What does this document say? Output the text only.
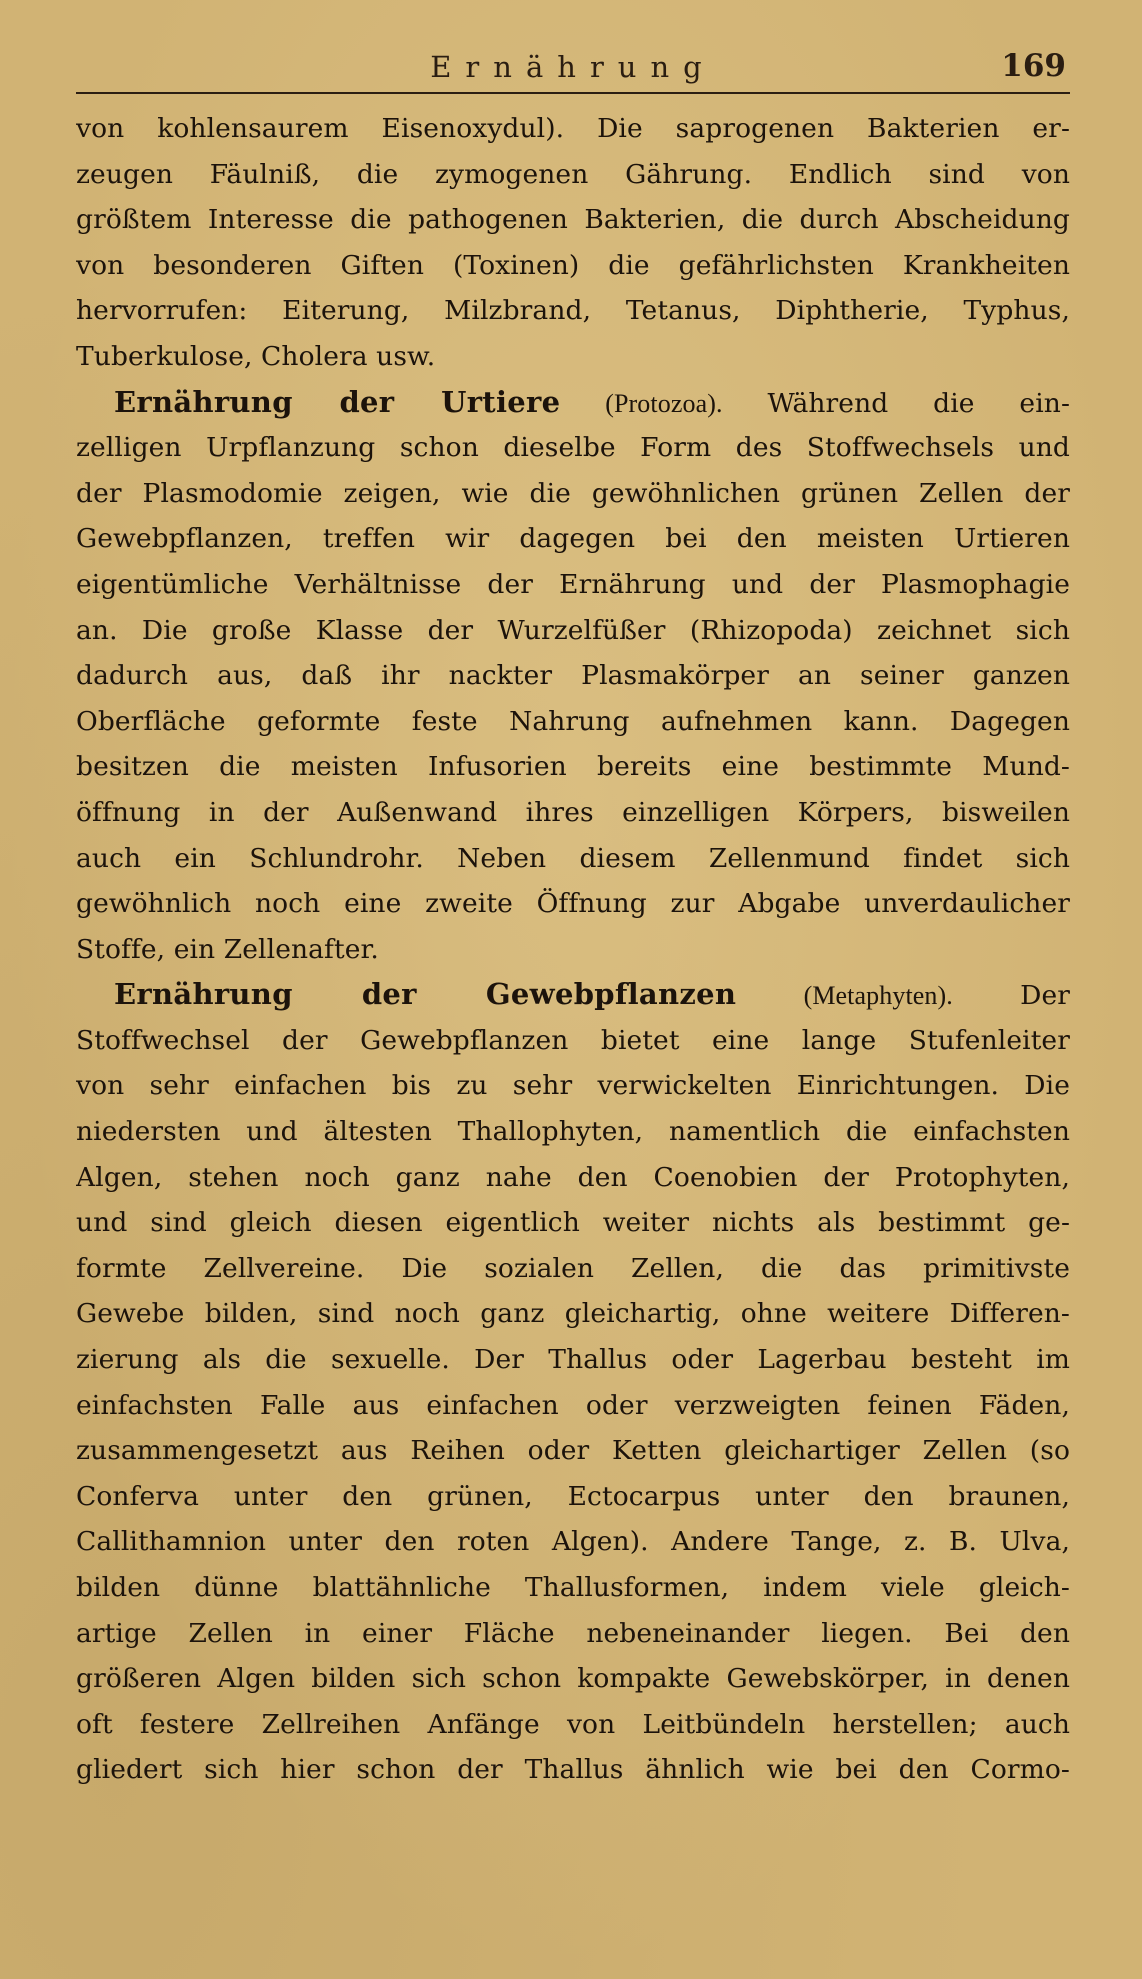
Ernährung	169
von kohlensaurem Eisenoxydul). Die saprogenen Bakterien er-
zeugen Fäulniß, die zymogenen Gährung. Endlich sind von
größtem Interesse die pathogenen Bakterien, die durch Abscheidung
von besonderen Giften (Toxinen) die gefährlichsten Krankheiten
hervorrufen: Eiterung, Milzbrand, Tetanus, Diphtherie, Typhus,
Tuberkulose, Cholera usw.
Ernährung der Urtiere (Protozoa). Während die ein-
zelligen Urpflanzung schon dieselbe Form des Stoffwechsels und
der Plasmodomie zeigen, wie die gewöhnlichen grünen Zellen der
Gewebpflanzen, treffen wir dagegen bei den meisten Urtieren
eigentümliche Verhältnisse der Ernährung und der Plasmophagie
an. Die große Klasse der Wurzelfüßer (Rhizopoda) zeichnet sich
dadurch aus, daß ihr nackter Plasmakörper an seiner ganzen
Oberfläche geformte feste Nahrung aufnehmen kann. Dagegen
besitzen die meisten Infusorien bereits eine bestimmte Mund-
öffnung in der Außenwand ihres einzelligen Körpers, bisweilen
auch ein Schlundrohr. Neben diesem Zellenmund findet sich
gewöhnlich noch eine zweite Öffnung zur Abgabe unverdaulicher
Stoffe, ein Zellenafter.
Ernährung der Gewebpflanzen	(Metaphyten).	Der
Stoffwechsel der Gewebpflanzen bietet eine lange Stufenleiter
von sehr einfachen bis zu sehr verwickelten Einrichtungen. Die
niedersten und ältesten Thallophyten, namentlich die einfachsten
Algen, stehen noch ganz nahe den Coenobien der Protophyten,
und sind gleich diesen eigentlich weiter nichts als bestimmt ge-
formte Zellvereine. Die sozialen Zellen, die das primitivste
Gewebe bilden, sind noch ganz gleichartig, ohne weitere Differen-
zierung als die sexuelle. Der Thallus oder Lagerbau besteht im
einfachsten Falle aus einfachen oder verzweigten feinen Fäden,
zusammengesetzt aus Reihen oder Ketten gleichartiger Zellen (so
Conferva unter den grünen, Ectocarpus unter den braunen,
Callithamnion unter den roten Algen). Andere Tange, z. B. Ulva,
bilden dünne blattähnliche Thallusformen, indem viele gleich-
artige Zellen in einer Fläche nebeneinander liegen. Bei den
größeren Algen bilden sich schon kompakte Gewebskörper, in denen
oft festere Zellreihen Anfänge von Leitbündeln herstellen; auch
gliedert sich hier schon der Thallus ähnlich wie bei den Cormo-
